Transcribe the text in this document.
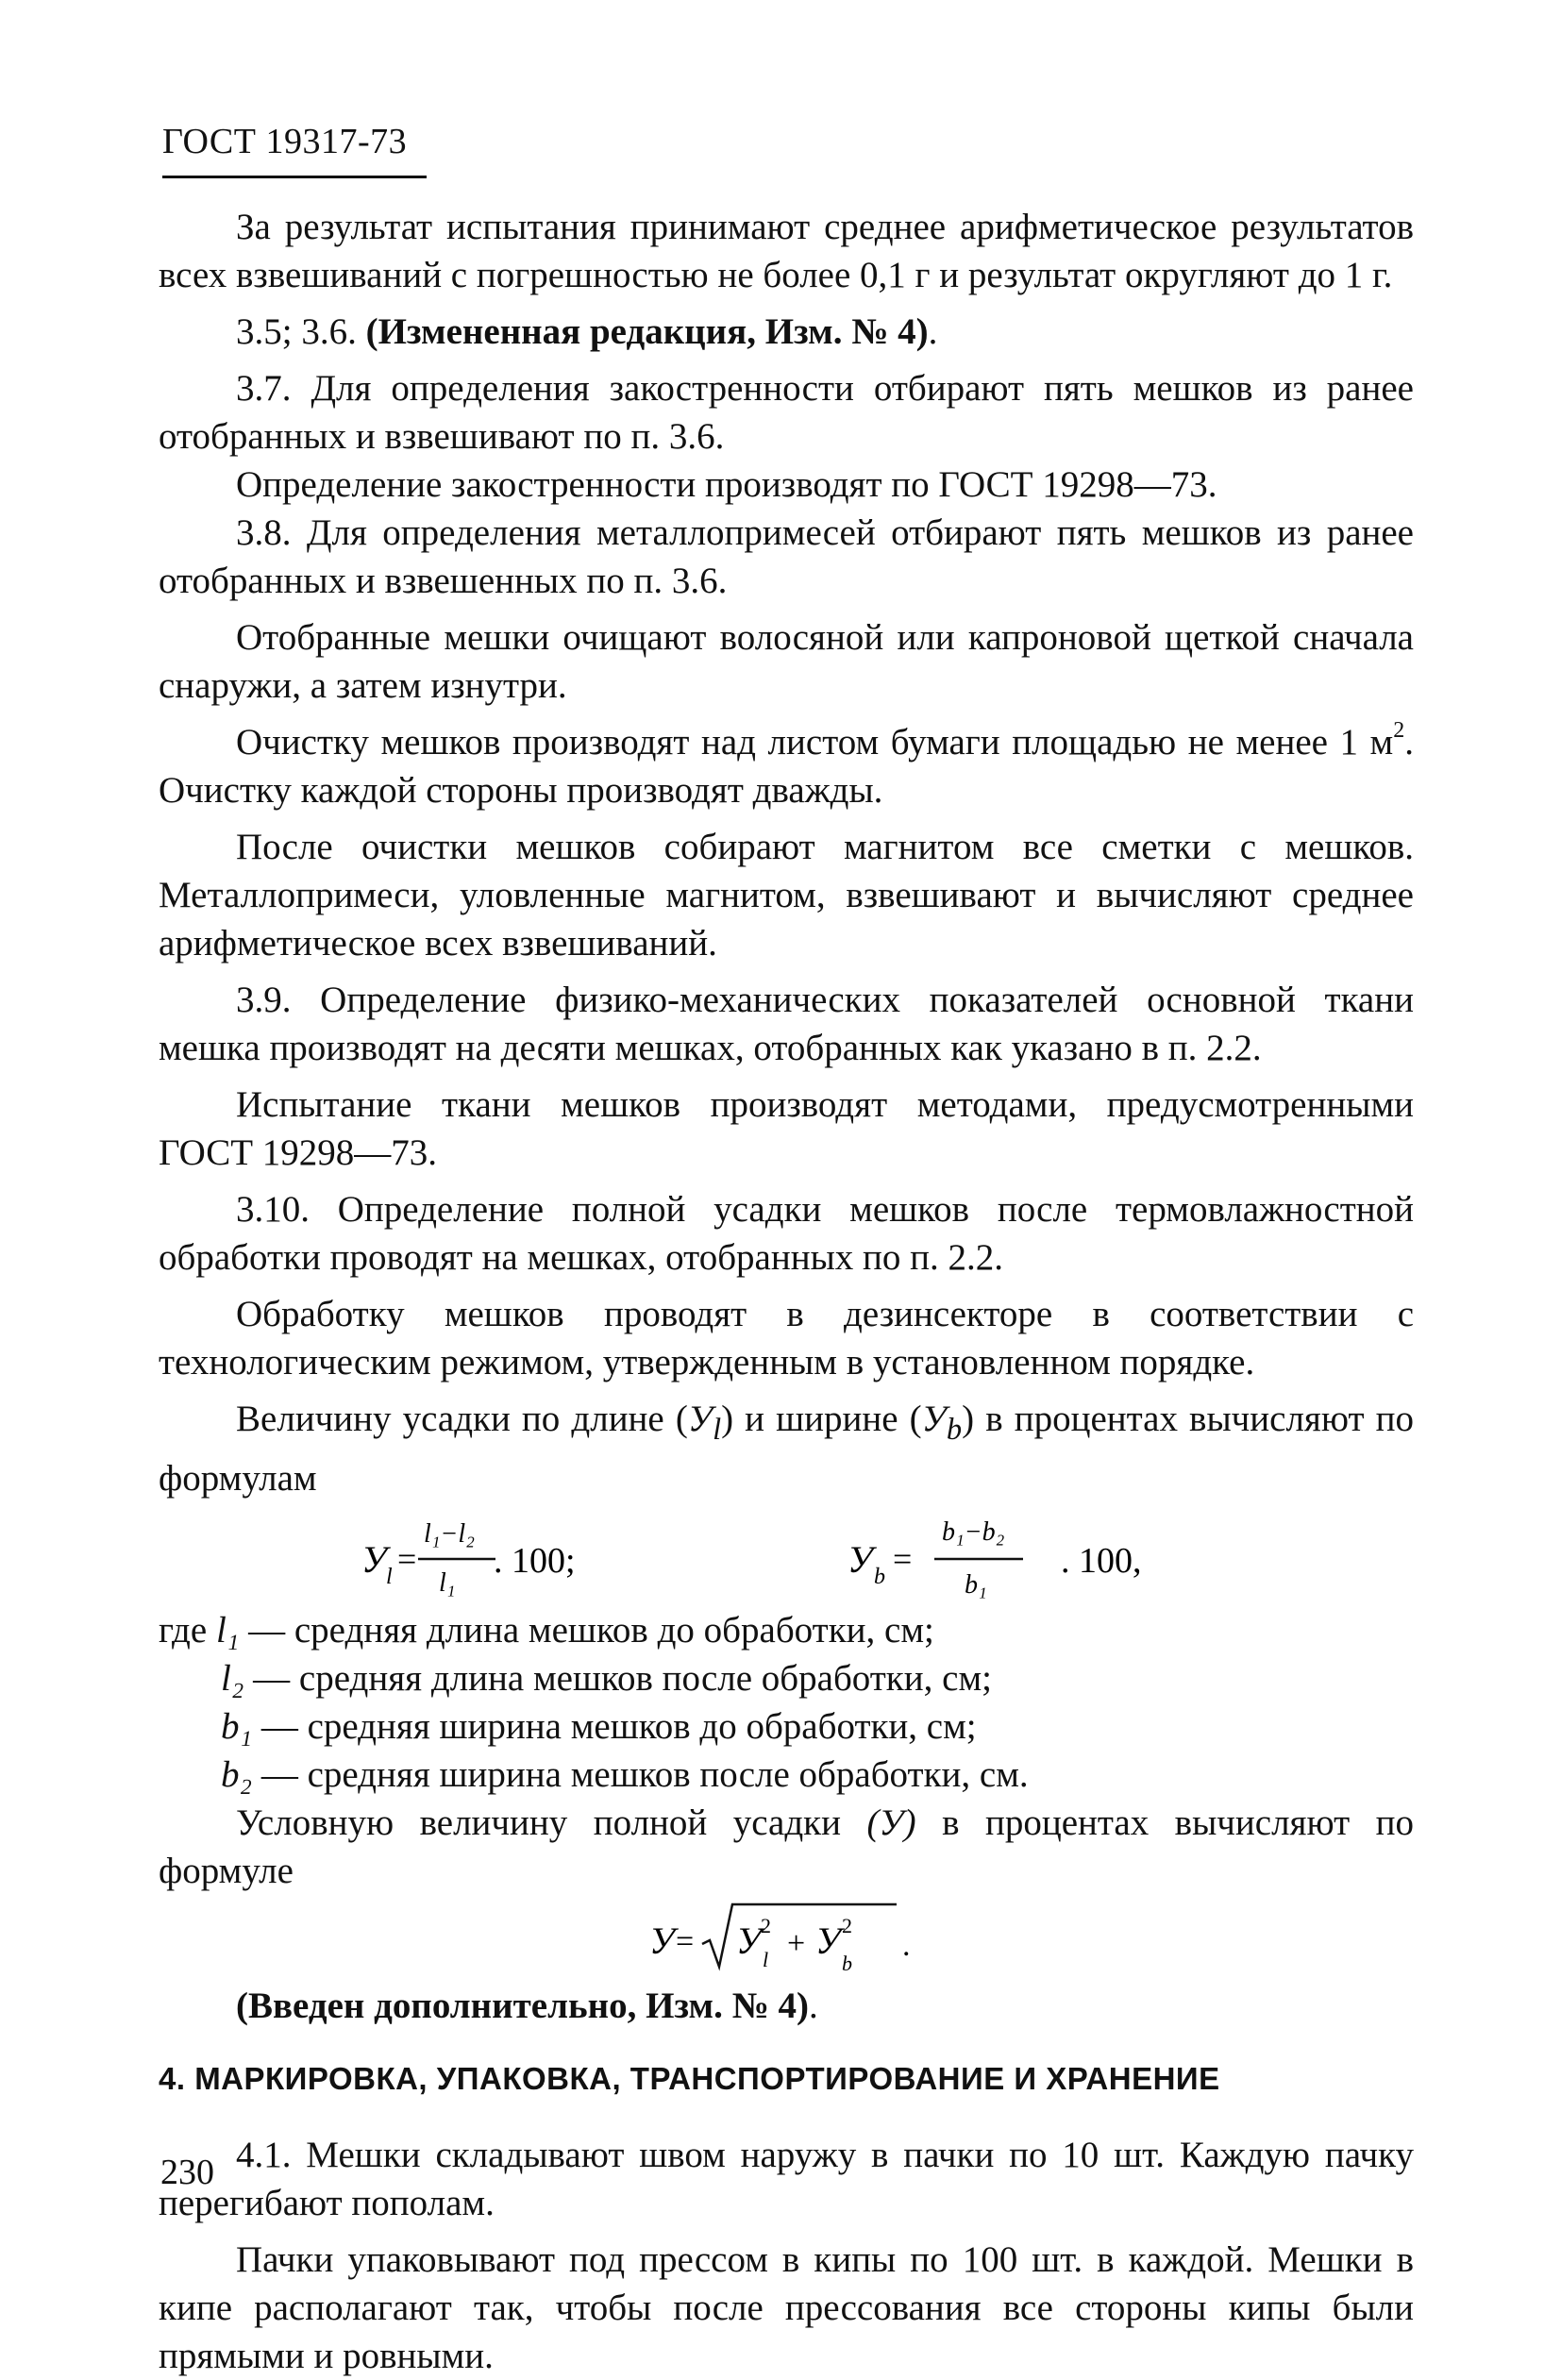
ГОСТ 19317-73

За результат испытания принимают среднее арифметическое результатов всех взвешиваний с погрешностью не более 0,1 г и результат округляют до 1 г.

3.5; 3.6. (Измененная редакция, Изм. № 4).

3.7. Для определения закостренности отбирают пять мешков из ранее отобранных и взвешивают по п. 3.6.

Определение закостренности производят по ГОСТ 19298—73.

3.8. Для определения металлопримесей отбирают пять мешков из ранее отобранных и взвешенных по п. 3.6.

Отобранные мешки очищают волосяной или капроновой щеткой сначала снаружи, а затем изнутри.

Очистку мешков производят над листом бумаги площадью не менее 1 $м^2$. Очистку каждой стороны производят дважды.

После очистки мешков собирают магнитом все сметки с мешков. Металлопримеси, уловленные магнитом, взвешивают и вычисляют среднее арифметическое всех взвешиваний.

3.9. Определение физико-механических показателей основной ткани мешка производят на десяти мешках, отобранных как указано в п. 2.2.

Испытание ткани мешков производят методами, предусмотренными ГОСТ 19298—73.

3.10. Определение полной усадки мешков после термовлажностной обработки проводят на мешках, отобранных по п. 2.2.

Обработку мешков проводят в дезинсекторе в соответствии с технологическим режимом, утвержденным в установленном порядке.

Величину усадки по длине $(У_l)$ и ширине $(У_b)$ в процентах вычисляют по формулам

У l =
l₁−l₂
l₁
. 100;	У b =
b₁−b₂
b₁
. 100,

где l₁ — средняя длина мешков до обработки, см;

l₂ — средняя длина мешков после обработки, см;

b₁ — средняя ширина мешков до обработки, см;

b₂ — средняя ширина мешков после обработки, см.

Условную величину полной усадки (У) в процентах вычисляют по формуле

У = У 2
l + У 2
b
.

(Введен дополнительно, Изм. № 4).

4. МАРКИРОВКА, УПАКОВКА, ТРАНСПОРТИРОВАНИЕ И ХРАНЕНИЕ

4.1. Мешки складывают швом наружу в пачки по 10 шт. Каждую пачку перегибают пополам.

Пачки упаковывают под прессом в кипы по 100 шт. в каждой. Мешки в кипе располагают так, чтобы после прессования все стороны кипы были прямыми и ровными.

230
